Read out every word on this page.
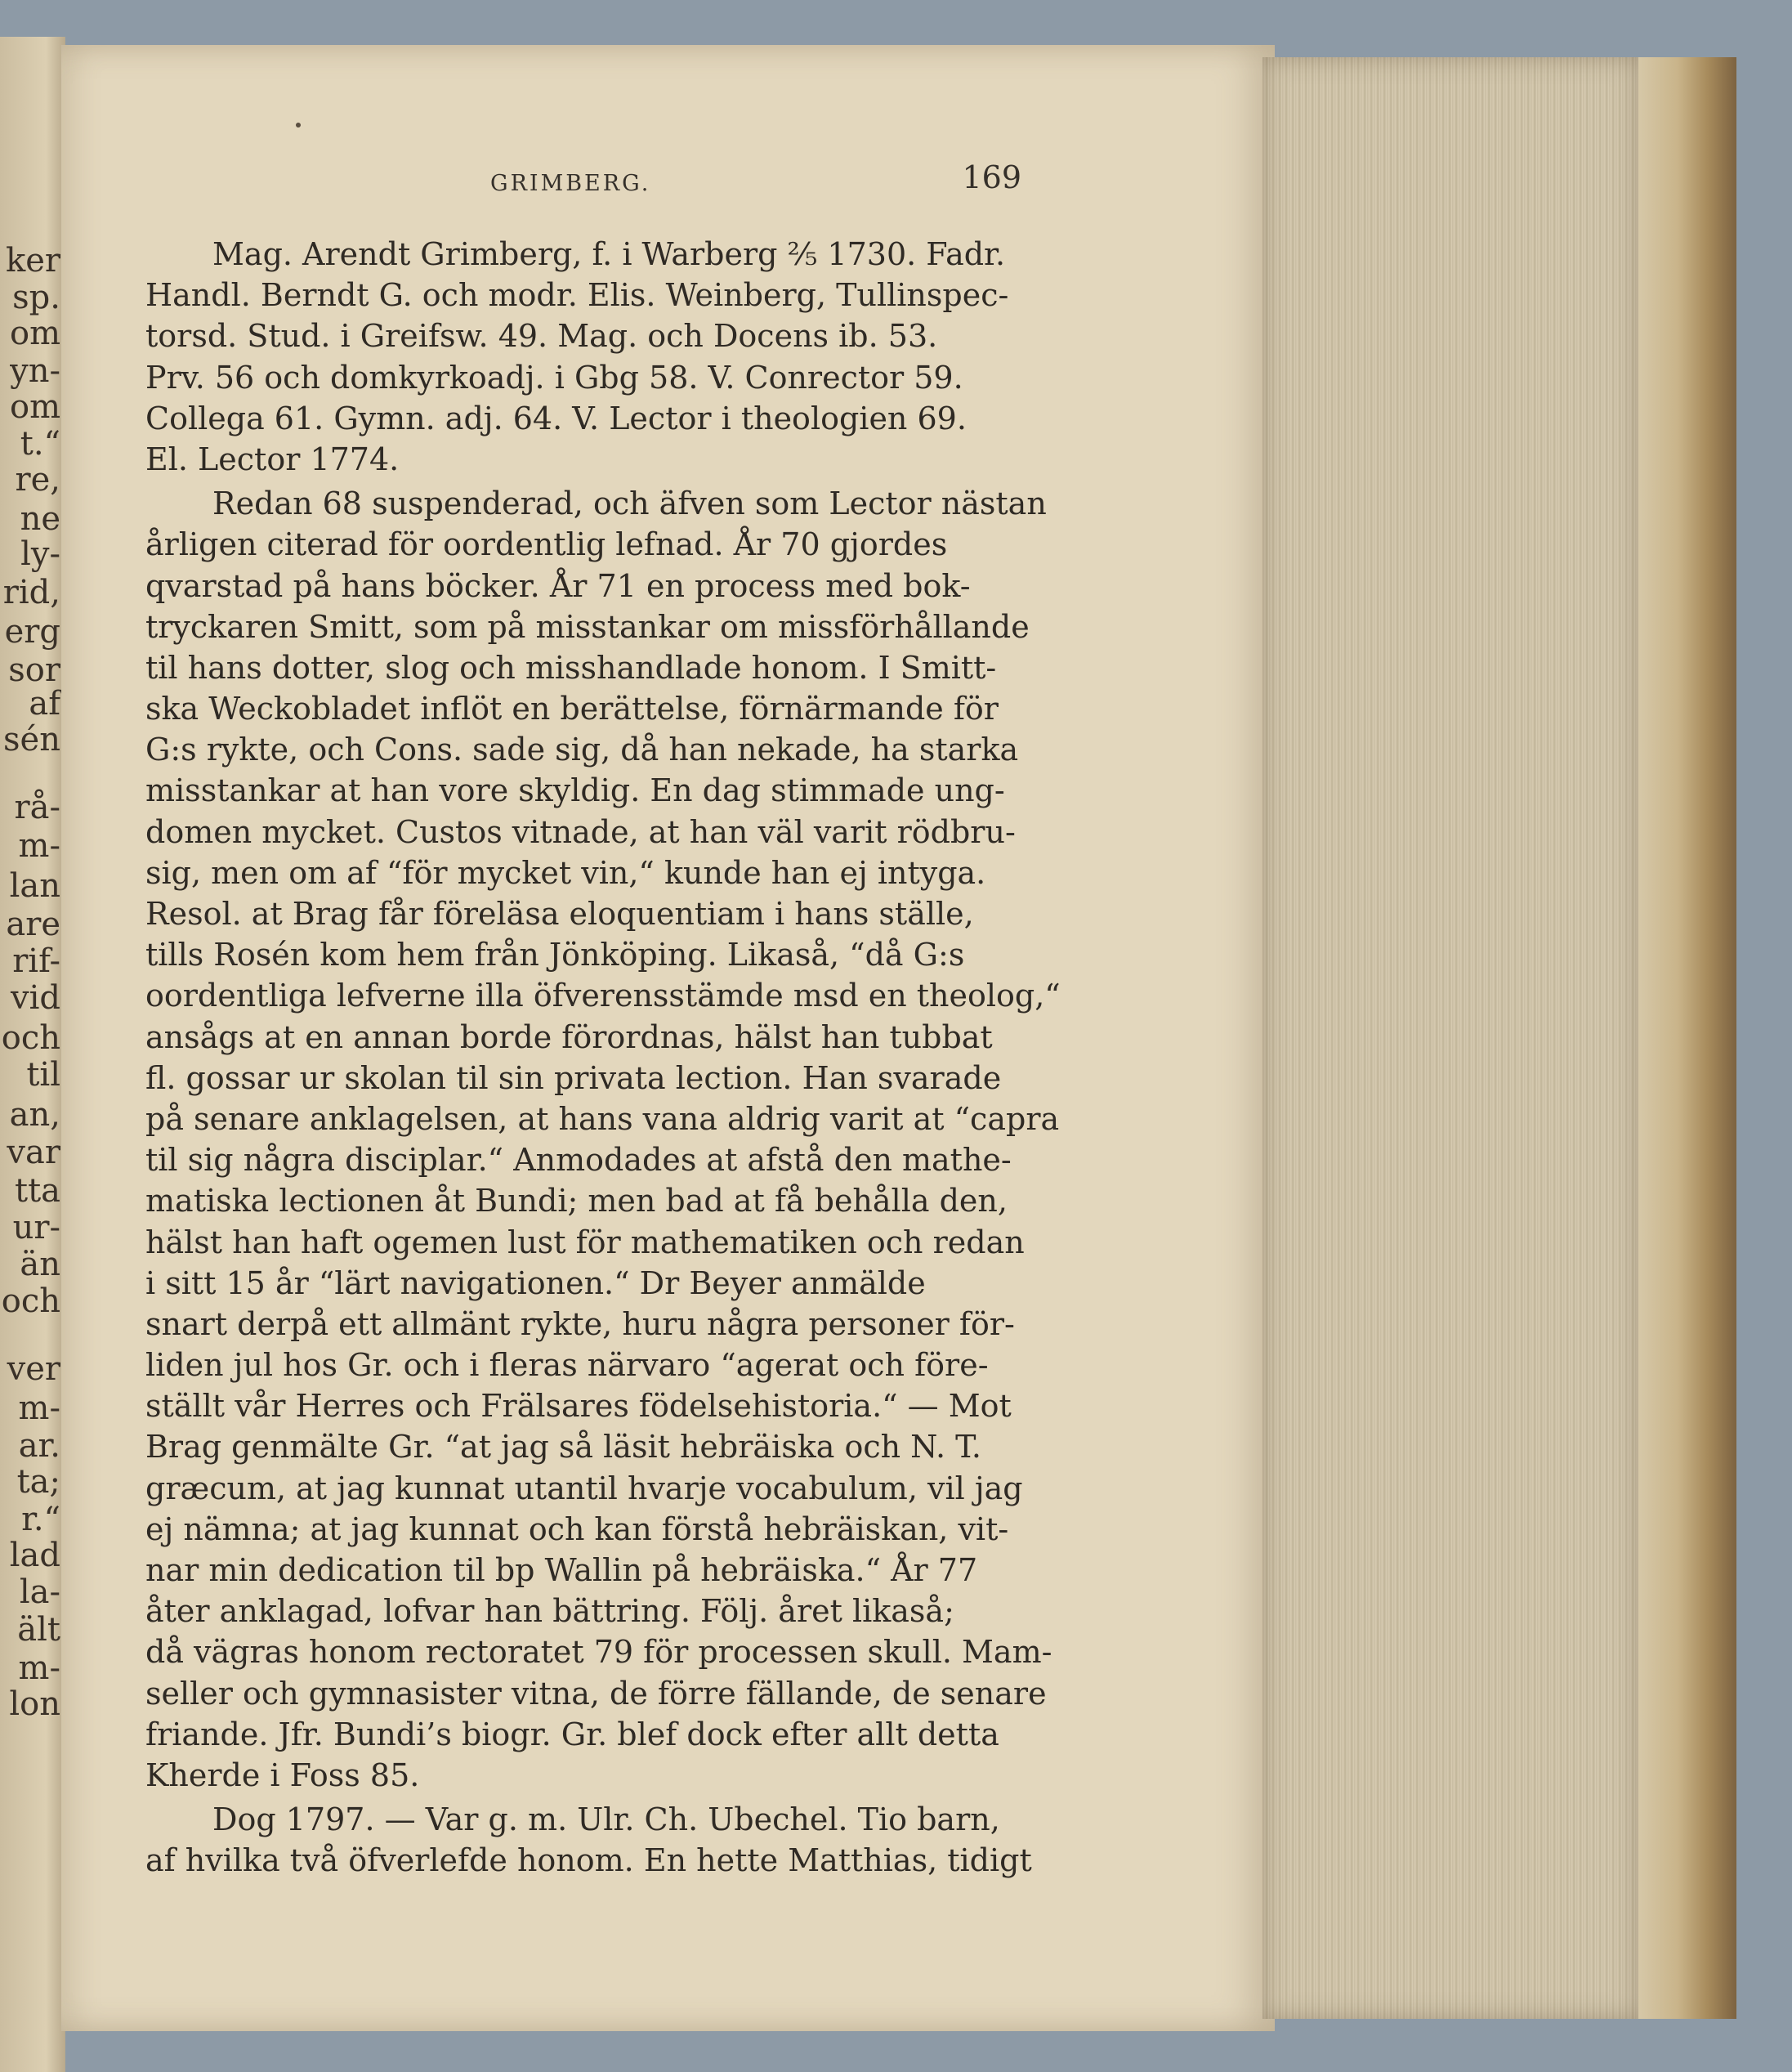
ker
sp.
om
yn-
om
t.“
re,
ne
ly-
rid,
erg
sor
af
sén
rå-
m-
lan
are
rif-
vid
och
til
an,
var
tta
ur-
än
och
ver
m-
ar.
ta;
r.“
lad
la-
ält
m-
lon
GRIMBERG.	169
Mag. Arendt Grimberg, f. i Warberg ²⁄₅ 1730. Fadr.
Handl. Berndt G. och modr. Elis. Weinberg, Tullinspec-
torsd. Stud. i Greifsw. 49. Mag. och Docens ib. 53.
Prv. 56 och domkyrkoadj. i Gbg 58. V. Conrector 59.
Collega 61. Gymn. adj. 64. V. Lector i theologien 69.
El. Lector 1774.
Redan 68 suspenderad, och äfven som Lector nästan
årligen citerad för oordentlig lefnad. År 70 gjordes
qvarstad på hans böcker. År 71 en process med bok-
tryckaren Smitt, som på misstankar om missförhållande
til hans dotter, slog och misshandlade honom. I Smitt-
ska Weckobladet inflöt en berättelse, förnärmande för
G:s rykte, och Cons. sade sig, då han nekade, ha starka
misstankar at han vore skyldig. En dag stimmade ung-
domen mycket. Custos vitnade, at han väl varit rödbru-
sig, men om af “för mycket vin,“ kunde han ej intyga.
Resol. at Brag får föreläsa eloquentiam i hans ställe,
tills Rosén kom hem från Jönköping. Likaså, “då G:s
oordentliga lefverne illa öfverensstämde msd en theolog,“
ansågs at en annan borde förordnas, hälst han tubbat
fl. gossar ur skolan til sin privata lection. Han svarade
på senare anklagelsen, at hans vana aldrig varit at “capra
til sig några disciplar.“ Anmodades at afstå den mathe-
matiska lectionen åt Bundi; men bad at få behålla den,
hälst han haft ogemen lust för mathematiken och redan
i sitt 15 år “lärt navigationen.“ Dr Beyer anmälde
snart derpå ett allmänt rykte, huru några personer för-
liden jul hos Gr. och i fleras närvaro “agerat och före-
ställt vår Herres och Frälsares födelsehistoria.“ — Mot
Brag genmälte Gr. “at jag så läsit hebräiska och N. T.
græcum, at jag kunnat utantil hvarje vocabulum, vil jag
ej nämna; at jag kunnat och kan förstå hebräiskan, vit-
nar min dedication til bp Wallin på hebräiska.“ År 77
åter anklagad, lofvar han bättring. Följ. året likaså;
då vägras honom rectoratet 79 för processen skull. Mam-
seller och gymnasister vitna, de förre fällande, de senare
friande. Jfr. Bundi’s biogr. Gr. blef dock efter allt detta
Kherde i Foss 85.
Dog 1797. — Var g. m. Ulr. Ch. Ubechel. Tio barn,
af hvilka två öfverlefde honom. En hette Matthias, tidigt
